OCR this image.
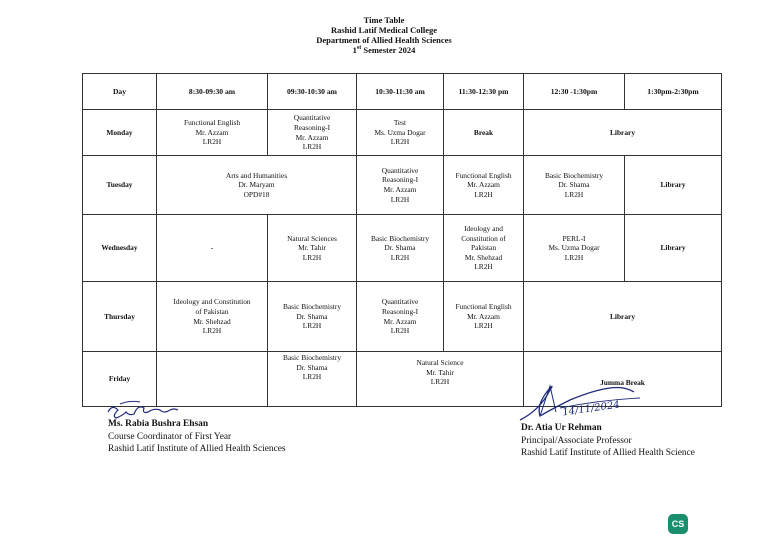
Time Table
Rashid Latif Medical College
Department of Allied Health Sciences
1st Semester 2024
Day	8:30-09:30 am	09:30-10:30 am	10:30-11:30 am	11:30-12:30 pm	12:30 -1:30pm	1:30pm-2:30pm
Monday	Functional English
Mr. Azzam
LR2H	Quantitative
Reasoning-I
Mr. Azzam
LR2H	Test
Ms. Uzma Dogar
LR2H	Break	Library	
Tuesday	Arts and Humanities
Dr. Maryam
OPD#18		Quantitative
Reasoning-I
Mr. Azzam
LR2H	Functional English
Mr. Azzam
LR2H	Basic Biochemistry
Dr. Shama
LR2H	Library
Wednesday	-	Natural Sciences
Mr. Tahir
LR2H	Basic Biochemistry
Dr. Shama
LR2H	Ideology and
Constitution of
Pakistan
Mr. Shehzad
LR2H	PERL-I
Ms. Uzma Dogar
LR2H	Library
Thursday	Ideology and Constitution
of Pakistan
Mr. Shehzad
LR2H	Basic Biochemistry
Dr. Shama
LR2H	Quantitative
Reasoning-I
Mr. Azzam
LR2H	Functional English
Mr. Azzam
LR2H	Library	
Friday		Basic Biochemistry
Dr. Shama
LR2H	Natural Science
Mr. Tahir
LR2H		Jumma Break	
14/11/2024
Ms. Rabia Bushra Ehsan
Course Coordinator of First Year
Rashid Latif Institute of Allied Health Sciences
Dr. Atia Ur Rehman
Principal/Associate Professor
Rashid Latif Institute of Allied Health Science
CS
